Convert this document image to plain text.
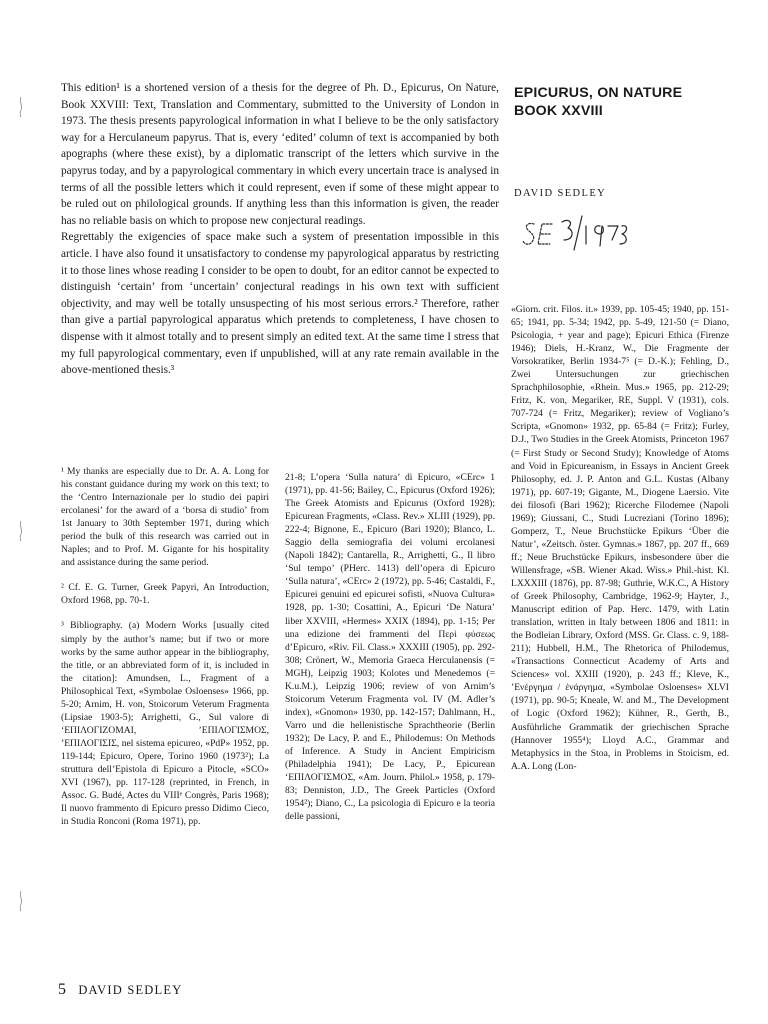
This edition¹ is a shortened version of a thesis for the degree of Ph. D., Epicurus, On Nature, Book XXVIII: Text, Translation and Commentary, submitted to the University of London in 1973. The thesis presents papyrological information in what I believe to be the only satisfactory way for a Herculaneum papyrus. That is, every ‘edited’ column of text is accompanied by both apographs (where these exist), by a diplomatic transcript of the letters which survive in the papyrus today, and by a papyrological commentary in which every uncertain trace is analysed in terms of all the possible letters which it could represent, even if some of these might appear to be ruled out on philological grounds. If anything less than this information is given, the reader has no reliable basis on which to propose new conjectural readings.

Regrettably the exigencies of space make such a system of presentation impossible in this article. I have also found it unsatisfactory to condense my papyrological apparatus by restricting it to those lines whose reading I consider to be open to doubt, for an editor cannot be expected to distinguish ‘certain’ from ‘uncertain’ conjectural readings in his own text with sufficient objectivity, and may well be totally unsuspecting of his most serious errors.² Therefore, rather than give a partial papyrological apparatus which pretends to completeness, I have chosen to dispense with it almost totally and to present simply an edited text. At the same time I stress that my full papyrological commentary, even if unpublished, will at any rate remain available in the above-mentioned thesis.³

EPICURUS, ON NATURE
BOOK XXVIII
DAVID SEDLEY

¹ My thanks are especially due to Dr. A. A. Long for his constant guidance during my work on this text; to the ‘Centro Internazionale per lo studio dei papiri ercolanesi’ for the award of a ‘borsa di studio’ from 1st January to 30th September 1971, during which period the bulk of this research was carried out in Naples; and to Prof. M. Gigante for his hospitality and assistance during the same period.

² Cf. E. G. Turner, Greek Papyri, An Introduction, Oxford 1968, pp. 70-1.

³ Bibliography. (a) Modern Works [usually cited simply by the author’s name; but if two or more works by the same author appear in the bibliography, the title, or an abbreviated form of it, is included in the citation]: Amundsen, L., Fragment of a Philosophical Text, «Symbolae Osloenses» 1966, pp. 5-20; Arnim, H. von, Stoicorum Veterum Fragmenta (Lipsiae 1903-5); Arrighetti, G., Sul valore di ‘ΕΠΙΛΟΓΙΖΟΜΑΙ, ’ΕΠΙΛΟΓΙΣΜΟΣ, ’ΕΠΙΛΟΓΙΣΙΣ, nel sistema epicureo, «PdP» 1952, pp. 119-144; Epicuro, Opere, Torino 1960 (1973²); La struttura dell’Epistola di Epicuro a Pitocle, «SCO» XVI (1967), pp. 117-128 (reprinted, in French, in Assoc. G. Budé, Actes du VIIIᵉ Congrès, Paris 1968); Il nuovo frammento di Epicuro presso Didimo Cieco, in Studia Ronconi (Roma 1971), pp.

21-8; L’opera ‘Sulla natura’ di Epicuro, «CErc» 1 (1971), pp. 41-56; Bailey, C., Epicurus (Oxford 1926); The Greek Atomists and Epicurus (Oxford 1928); Epicurean Fragments, «Class. Rev.» XLIII (1929), pp. 222-4; Bignone, E., Epicuro (Bari 1920); Blanco, L. Saggio della semiografia dei volumi ercolanesi (Napoli 1842); Cantarella, R., Arrighetti, G., Il libro ‘Sul tempo’ (PHerc. 1413) dell’opera di Epicuro ‘Sulla natura’, «CErc» 2 (1972), pp. 5-46; Castaldi, F., Epicurei genuini ed epicurei sofisti, «Nuova Cultura» 1928, pp. 1-30; Cosattini, A., Epicuri ‘De Natura’ liber XXVIII, «Hermes» XXIX (1894), pp. 1-15; Per una edizione dei frammenti del Περὶ φύσεως d’Epicuro, «Riv. Fil. Class.» XXXIII (1905), pp. 292-308; Crönert, W., Memoria Graeca Herculanensis (= MGH), Leipzig 1903; Kolotes und Menedemos (= K.u.M.), Leipzig 1906; review of von Arnim’s Stoicorum Veterum Fragmenta vol. IV (M. Adler’s index), «Gnomon» 1930, pp. 142-157; Dahlmann, H., Varro und die hellenistische Sprachtheorie (Berlin 1932); De Lacy, P. and E., Philodemus: On Methods of Inference. A Study in Ancient Empiricism (Philadelphia 1941); De Lacy, P., Epicurean ‘ΕΠΙΛΟΓΙΣΜΟΣ, «Am. Journ. Philol.» 1958, p. 179-83; Denniston, J.D., The Greek Particles (Oxford 1954²); Diano, C., La psicologia di Epicuro e la teoria delle passioni,

«Giorn. crit. Filos. it.» 1939, pp. 105-45; 1940, pp. 151-65; 1941, pp. 5-34; 1942, pp. 5-49, 121-50 (= Diano, Psicologia, + year and page); Epicuri Ethica (Firenze 1946); Diels, H.-Kranz, W., Die Fragmente der Vorsokratiker, Berlin 1934-7⁵ (= D.-K.); Fehling, D., Zwei Untersuchungen zur griechischen Sprachphilosophie, «Rhein. Mus.» 1965, pp. 212-29; Fritz, K. von, Megariker, RE, Suppl. V (1931), cols. 707-724 (= Fritz, Megariker); review of Vogliano’s Scripta, «Gnomon» 1932, pp. 65-84 (= Fritz); Furley, D.J., Two Studies in the Greek Atomists, Princeton 1967 (= First Study or Second Study); Knowledge of Atoms and Void in Epicureanism, in Essays in Ancient Greek Philosophy, ed. J. P. Anton and G.L. Kustas (Albany 1971), pp. 607-19; Gigante, M., Diogene Laersio. Vite dei filosofi (Bari 1962); Ricerche Filodemee (Napoli 1969); Giussani, C., Studi Lucreziani (Torino 1896); Gomperz, T., Neue Bruchstücke Epikurs ‘Über die Natur’, «Zeitsch. öster. Gymnas.» 1867, pp. 207 ff., 669 ff.; Neue Bruchstücke Epikurs, insbesondere über die Willensfrage, «SB. Wiener Akad. Wiss.» Phil.-hist. Kl. LXXXIII (1876), pp. 87-98; Guthrie, W.K.C., A History of Greek Philosophy, Cambridge, 1962-9; Hayter, J., Manuscript edition of Pap. Herc. 1479, with Latin translation, written in Italy between 1806 and 1811: in the Bodleian Library, Oxford (MSS. Gr. Class. c. 9, 188-211); Hubbell, H.M., The Rhetorica of Philodemus, «Transactions Connecticut Academy of Arts and Sciences» vol. XXIII (1920), p. 243 ff.; Kleve, K., ’Ενέργημα / ἐνάργημα, «Symbolae Osloenses» XLVI (1971), pp. 90-5; Kneale, W. and M., The Development of Logic (Oxford 1962); Kühner, R., Gerth, B., Ausführliche Grammatik der griechischen Sprache (Hannover 1955⁴); Lloyd A.C., Grammar and Metaphysics in the Stoa, in Problems in Stoicism, ed. A.A. Long (Lon-

5 DAVID SEDLEY
